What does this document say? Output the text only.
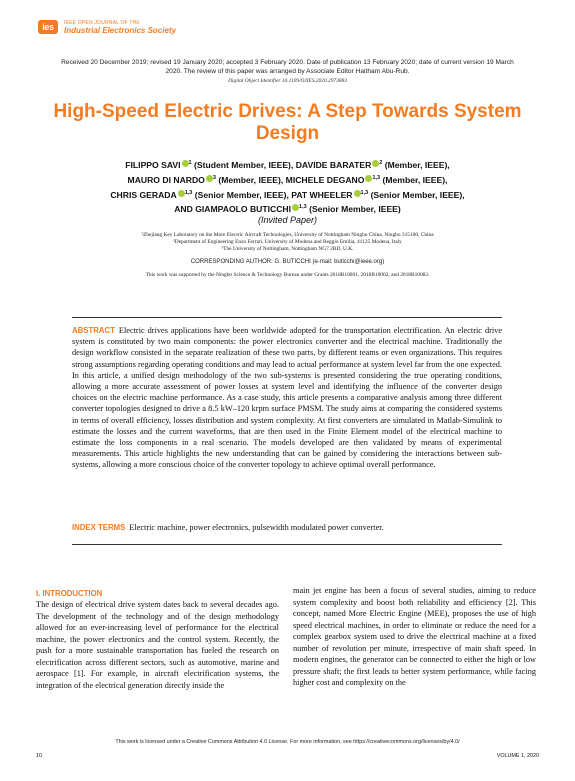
ies	IEEE OPEN JOURNAL OF THE
Industrial Electronics Society
Received 20 December 2019; revised 19 January 2020; accepted 3 February 2020. Date of publication 13 February 2020; date of current version 19 March 2020. The review of this paper was arranged by Associate Editor Haitham Abu-Rub.
Digital Object Identifier 10.1109/OJIES.2020.2973883
High-Speed Electric Drives: A Step Towards System Design
FILIPPO SAVI $^1$ (Student Member, IEEE), DAVIDE BARATER $^2$ (Member, IEEE),
MAURO DI NARDO $^3$ (Member, IEEE), MICHELE DEGANO $^{1,3}$ (Member, IEEE),
CHRIS GERADA $^{1,3}$ (Senior Member, IEEE), PAT WHEELER $^{1,3}$ (Senior Member, IEEE),
AND GIAMPAOLO BUTICCHI $^{1,3}$ (Senior Member, IEEE)
(Invited Paper)
¹Zhejiang Key Laboratory on the More Electric Aircraft Technologies, University of Nottingham Ningbo China, Ningbo 315100, China
²Department of Engineering Enzo Ferrari, University of Modena and Reggio Emilia, 41125 Modena, Italy
³The University of Nottingham, Nottingham NG7 2RD, U.K.
CORRESPONDING AUTHOR: G. BUTICCHI (e-mail: buticchi@ieee.org)
This work was supported by the Ningbo Science & Technology Bureau under Grants 2018B10001, 2018B10002, and 2018B10082.
ABSTRACT Electric drives applications have been worldwide adopted for the transportation electrification. An electric drive system is constituted by two main components: the power electronics converter and the electrical machine. Traditionally the design workflow consisted in the separate realization of these two parts, by different teams or even organizations. This requires strong assumptions regarding operating conditions and may lead to actual performance at system level far from the one expected. In this article, a unified design methodology of the two sub-systems is presented considering the true operating conditions, allowing a more accurate assessment of power losses at system level and identifying the influence of the converter design choices on the electric machine performance. As a case study, this article presents a comparative analysis among three different converter topologies designed to drive a 8.5 kW–120 krpm surface PMSM. The study aims at comparing the considered systems in terms of overall efficiency, losses distribution and system complexity. At first converters are simulated in Matlab-Simulink to estimate the losses and the current waveforms, that are then used in the Finite Element model of the electrical machine to estimate the loss components in a real scenario. The models developed are then validated by means of experimental measurements. This article highlights the new understanding that can be gained by considering the interactions between sub-systems, allowing a more conscious choice of the converter topology to achieve optimal overall performance.
INDEX TERMS Electric machine, power electronics, pulsewidth modulated power converter.
I. INTRODUCTION
The design of electrical drive system dates back to several decades ago. The development of the technology and of the design methodology allowed for an ever-increasing level of performance for the electrical machine, the power electronics and the control system. Recently, the push for a more sustainable transportation has fueled the research on electrification across different sectors, such as automotive, marine and aerospace [1]. For example, in aircraft electrification systems, the integration of the electrical generation directly inside the
main jet engine has been a focus of several studies, aiming to reduce system complexity and boost both reliability and efficiency [2]. This concept, named More Electric Engine (MEE), proposes the use of high speed electrical machines, in order to eliminate or reduce the need for a complex gearbox system used to drive the electrical machine at a fixed number of revolution per minute, irrespective of main shaft speed. In modern engines, the generator can be connected to either the high or low pressure shaft; the first leads to better system performance, while facing higher cost and complexity on the
This work is licensed under a Creative Commons Attribution 4.0 License. For more information, see https://creativecommons.org/licenses/by/4.0/
10	VOLUME 1, 2020
